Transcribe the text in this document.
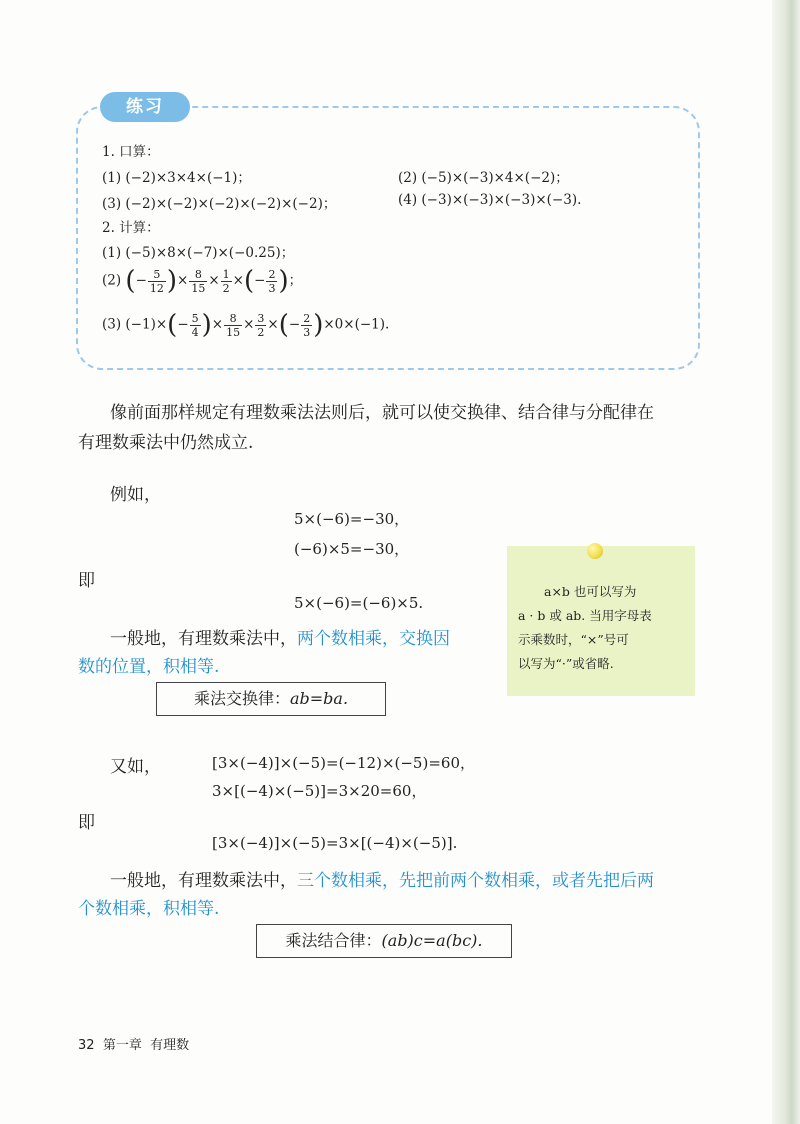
练习
1. 口算：
(1) (−2)×3×4×(−1)；	(2) (−5)×(−3)×4×(−2)；
(3) (−2)×(−2)×(−2)×(−2)×(−2)；	(4) (−3)×(−3)×(−3)×(−3).
2. 计算：
(1) (−5)×8×(−7)×(−0.25)；
(2) (− $\frac{5}{12}$ )× $\frac{8}{15} \times \frac{1}{2}$ ×(− $\frac{2}{3}$ )；
(3) $(-1)\times(- \frac{5}{4}$ )× $\frac{8}{15} \times \frac{3}{2}$ ×(− $\frac{2}{3} )\times 0\times(-1)$.
像前面那样规定有理数乘法法则后，就可以使交换律、结合律与分配律在
有理数乘法中仍然成立.
例如，
5×(−6)=−30，
(−6)×5=−30，
即
5×(−6)=(−6)×5.
一般地，有理数乘法中，两个数相乘，交换因
数的位置，积相等.
乘法交换律：ab=ba.
a×b 也可以写为
a · b 或 ab. 当用字母表
示乘数时，“×”号可
以写为“·”或省略.
又如，	[3×(−4)]×(−5)=(−12)×(−5)=60，
3×[(−4)×(−5)]=3×20=60，
即
[3×(−4)]×(−5)=3×[(−4)×(−5)].
一般地，有理数乘法中，三个数相乘，先把前两个数相乘，或者先把后两
个数相乘，积相等.
乘法结合律：(ab)c=a(bc).
32 第一章 有理数
